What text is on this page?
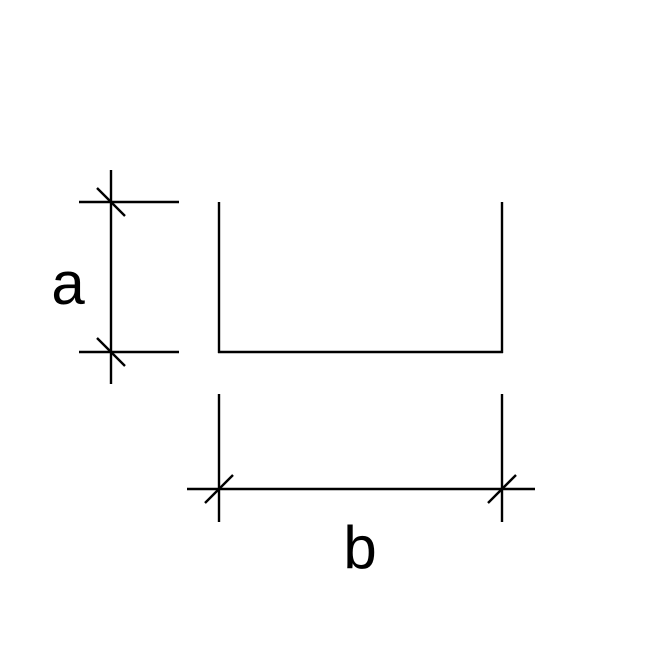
a
b
